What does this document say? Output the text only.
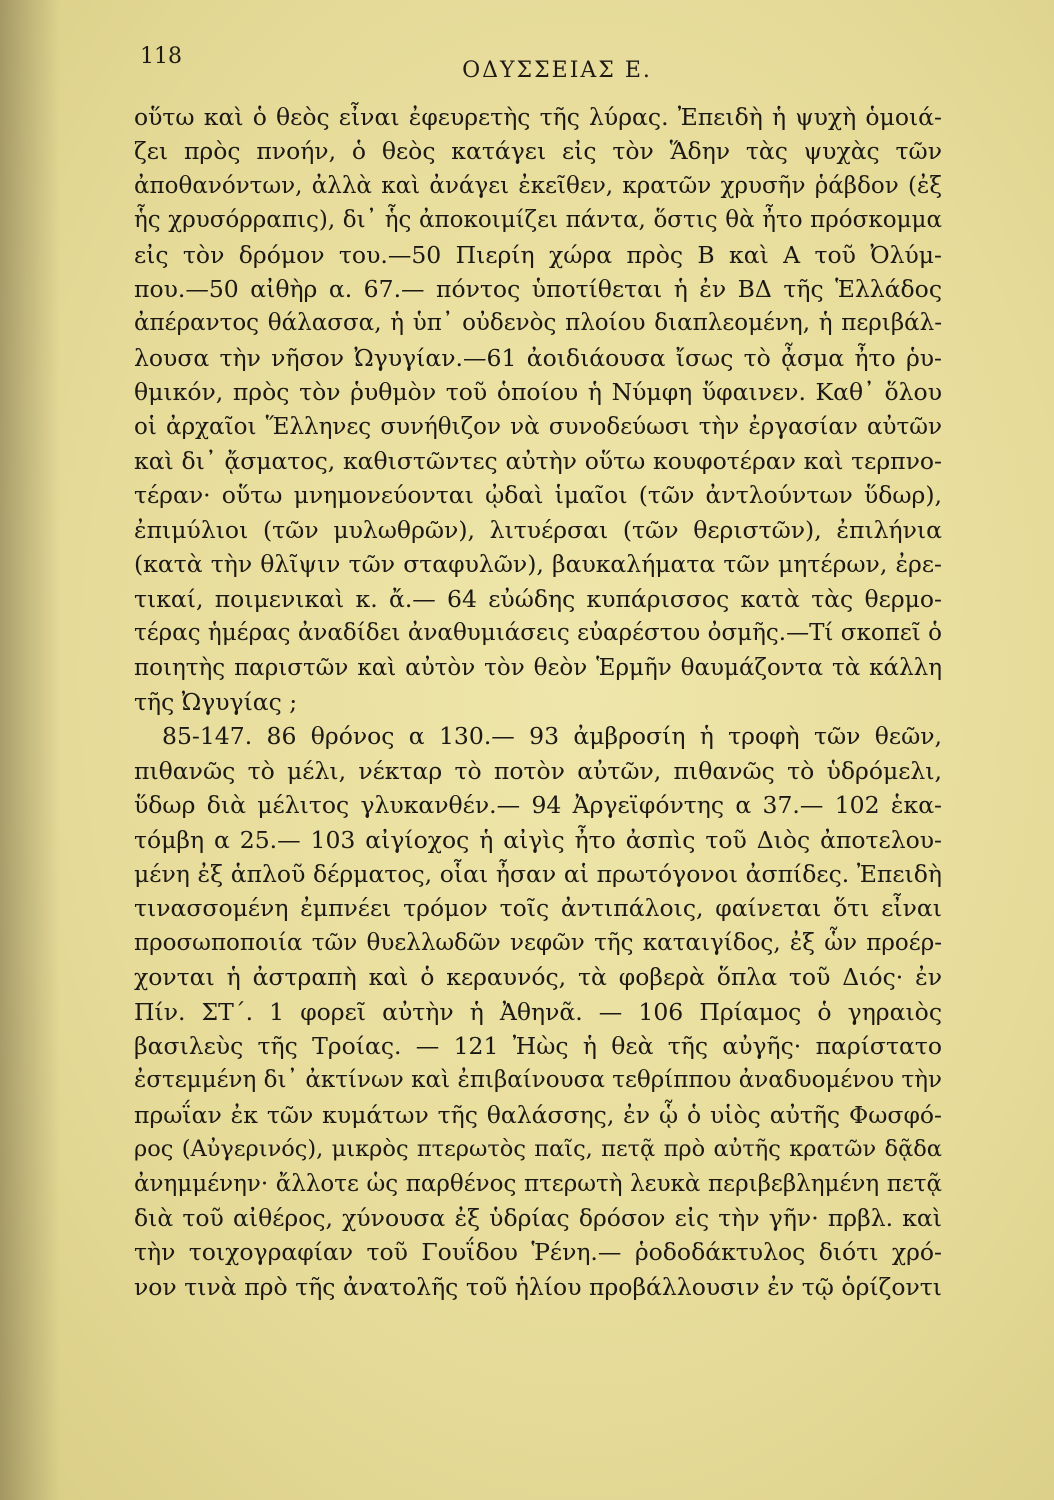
118
ΟΔΥΣΣΕΙΑΣ Ε.
οὕτω καὶ ὁ θεὸς εἶναι ἐφευρετὴς τῆς λύρας. Ἐπειδὴ ἡ ψυχὴ ὁμοιά-
ζει πρὸς πνοήν, ὁ θεὸς κατάγει εἰς τὸν Ἅδην τὰς ψυχὰς τῶν
ἀποθανόντων, ἀλλὰ καὶ ἀνάγει ἐκεῖθεν, κρατῶν χρυσῆν ῥάβδον (ἐξ
ἧς χρυσόρραπις), δι᾽ ἧς ἀποκοιμίζει πάντα, ὅστις θὰ ἦτο πρόσκομμα
εἰς τὸν δρόμον του.—50 Πιερίη χώρα πρὸς Β καὶ Α τοῦ Ὀλύμ-
που.—50 αἰθὴρ α. 67.— πόντος ὑποτίθεται ἡ ἐν ΒΔ τῆς Ἑλλάδος
ἀπέραντος θάλασσα, ἡ ὑπ᾽ οὐδενὸς πλοίου διαπλεομένη, ἡ περιβάλ-
λουσα τὴν νῆσον Ὠγυγίαν.—61 ἀοιδιάουσα ἴσως τὸ ᾆσμα ἦτο ῥυ-
θμικόν, πρὸς τὸν ῥυθμὸν τοῦ ὁποίου ἡ Νύμφη ὕφαινεν. Καθ᾽ ὅλου
οἱ ἀρχαῖοι Ἕλληνες συνήθιζον νὰ συνοδεύωσι τὴν ἐργασίαν αὐτῶν
καὶ δι᾽ ᾄσματος, καθιστῶντες αὐτὴν οὕτω κουφοτέραν καὶ τερπνο-
τέραν· οὕτω μνημονεύονται ᾠδαὶ ἱμαῖοι (τῶν ἀντλούντων ὕδωρ),
ἐπιμύλιοι (τῶν μυλωθρῶν), λιτυέρσαι (τῶν θεριστῶν), ἐπιλήνια
(κατὰ τὴν θλῖψιν τῶν σταφυλῶν), βαυκαλήματα τῶν μητέρων, ἐρε-
τικαί, ποιμενικαὶ κ. ἄ.— 64 εὐώδης κυπάρισσος κατὰ τὰς θερμο-
τέρας ἡμέρας ἀναδίδει ἀναθυμιάσεις εὐαρέστου ὀσμῆς.—Τί σκοπεῖ ὁ
ποιητὴς παριστῶν καὶ αὐτὸν τὸν θεὸν Ἑρμῆν θαυμάζοντα τὰ κάλλη
τῆς Ὠγυγίας ;
85-147. 86 θρόνος α 130.— 93 ἀμβροσίη ἡ τροφὴ τῶν θεῶν,
πιθανῶς τὸ μέλι, νέκταρ τὸ ποτὸν αὐτῶν, πιθανῶς τὸ ὑδρόμελι,
ὕδωρ διὰ μέλιτος γλυκανθέν.— 94 Ἀργεϊφόντης α 37.— 102 ἑκα-
τόμβη α 25.— 103 αἰγίοχος ἡ αἰγὶς ἦτο ἀσπὶς τοῦ Διὸς ἀποτελου-
μένη ἐξ ἁπλοῦ δέρματος, οἷαι ἦσαν αἱ πρωτόγονοι ἀσπίδες. Ἐπειδὴ
τινασσομένη ἐμπνέει τρόμον τοῖς ἀντιπάλοις, φαίνεται ὅτι εἶναι
προσωποποιία τῶν θυελλωδῶν νεφῶν τῆς καταιγίδος, ἐξ ὧν προέρ-
χονται ἡ ἀστραπὴ καὶ ὁ κεραυνός, τὰ φοβερὰ ὅπλα τοῦ Διός· ἐν
Πίν. ΣΤ´. 1 φορεῖ αὐτὴν ἡ Ἀθηνᾶ. — 106 Πρίαμος ὁ γηραιὸς
βασιλεὺς τῆς Τροίας. — 121 Ἠὼς ἡ θεὰ τῆς αὐγῆς· παρίστατο
ἐστεμμένη δι᾽ ἀκτίνων καὶ ἐπιβαίνουσα τεθρίππου ἀναδυομένου τὴν
πρωΐαν ἐκ τῶν κυμάτων τῆς θαλάσσης, ἐν ᾧ ὁ υἱὸς αὐτῆς Φωσφό-
ρος (Αὐγερινός), μικρὸς πτερωτὸς παῖς, πετᾷ πρὸ αὐτῆς κρατῶν δᾷδα
ἀνημμένην· ἄλλοτε ὡς παρθένος πτερωτὴ λευκὰ περιβεβλημένη πετᾷ
διὰ τοῦ αἰθέρος, χύνουσα ἐξ ὑδρίας δρόσον εἰς τὴν γῆν· πρβλ. καὶ
τὴν τοιχογραφίαν τοῦ Γουΐδου Ῥένη.— ῥοδοδάκτυλος διότι χρό-
νον τινὰ πρὸ τῆς ἀνατολῆς τοῦ ἡλίου προβάλλουσιν ἐν τῷ ὁρίζοντι
